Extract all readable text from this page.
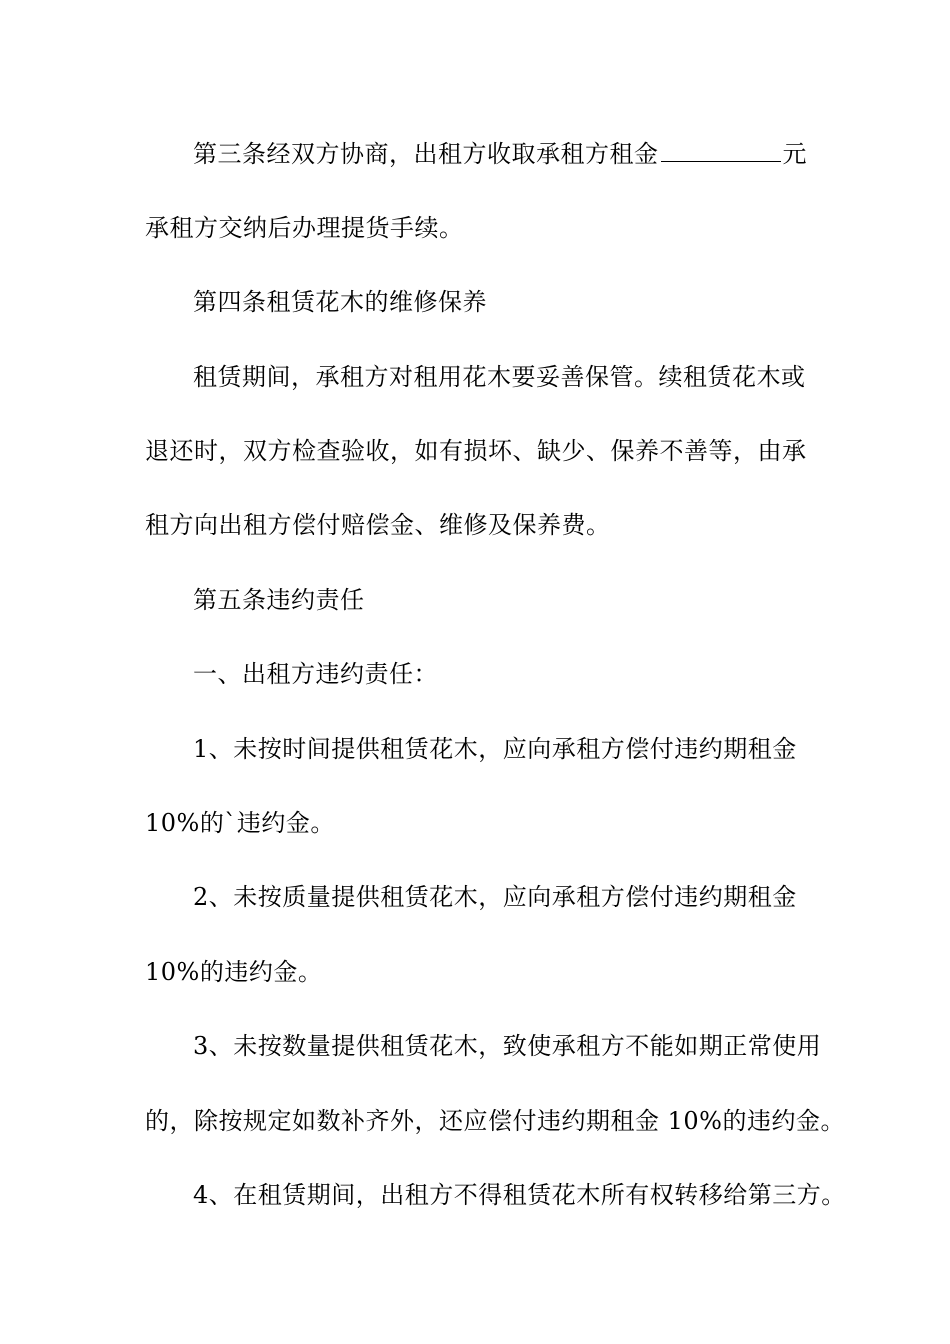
第三条经双方协商，出租方收取承租方租金	元
承租方交纳后办理提货手续。
第四条租赁花木的维修保养
租赁期间，承租方对租用花木要妥善保管。续租赁花木或
退还时，双方检查验收，如有损坏、缺少、保养不善等，由承
租方向出租方偿付赔偿金、维修及保养费。
第五条违约责任
一、出租方违约责任：
1、未按时间提供租赁花木，应向承租方偿付违约期租金
10%的`违约金。
2、未按质量提供租赁花木，应向承租方偿付违约期租金
10%的违约金。
3、未按数量提供租赁花木，致使承租方不能如期正常使用
的，除按规定如数补齐外，还应偿付违约期租金 10%的违约金。
4、在租赁期间，出租方不得租赁花木所有权转移给第三方。
